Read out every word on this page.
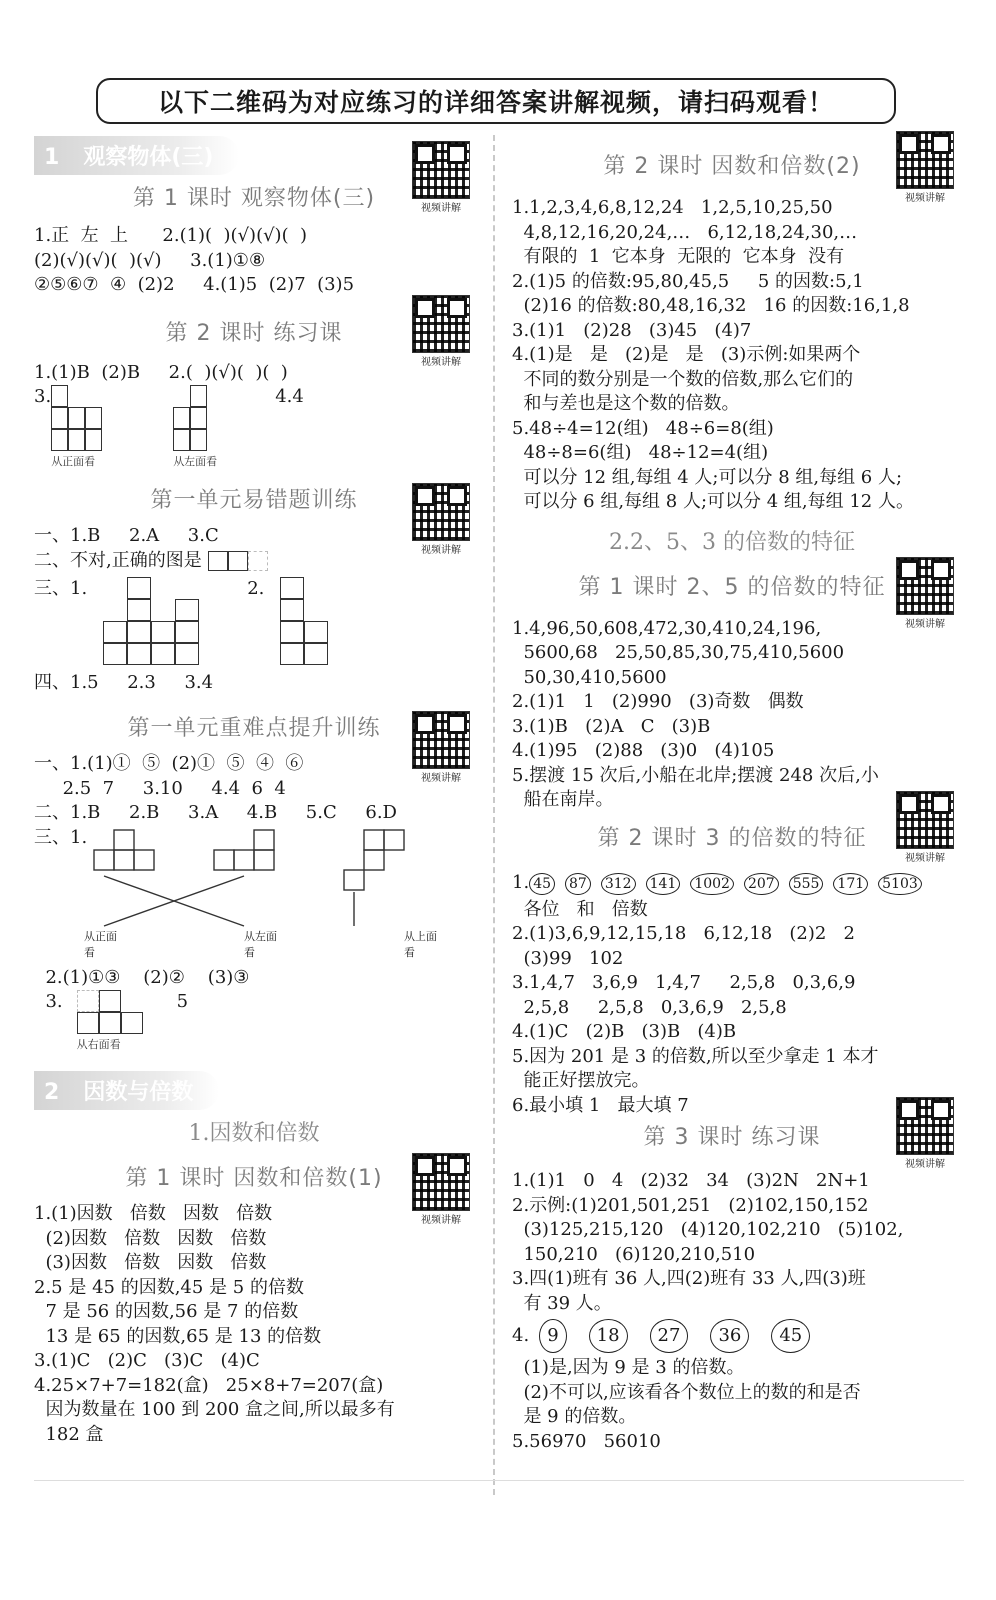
以下二维码为对应练习的详细答案讲解视频，请扫码观看！
1 观察物体(三)
第 1 课时 观察物体(三)	视频讲解
1.正  左  上      2.(1)(  )(√)(√)(  )
(2)(√)(√)(  )(√)     3.(1)①⑧
②⑤⑥⑦  ④  (2)2     4.(1)5  (2)7  (3)5
视频讲解
第 2 课时 练习课
1.(1)B  (2)B     2.(  )(√)(  )(  )
3.
从正面看	从左面看
4.4
视频讲解
第一单元易错题训练
一、1.B     2.A     3.C
二、不对,正确的图是
三、1.	2.
四、1.5     2.3     3.4
视频讲解
第一单元重难点提升训练
一、1.(1)①  ⑤  (2)①  ⑤  ④  ⑥
2.5  7     3.10     4.4  6  4
二、1.B     2.B     3.A     4.B     5.C     6.D
三、1.
从正面看
从左面看
从上面看
2.(1)①③    (2)②    (3)③
3.
从右面看
5
2 因数与倍数
1.因数和倍数
视频讲解
第 1 课时 因数和倍数(1)
1.(1)因数   倍数   因数   倍数
(2)因数   倍数   因数   倍数
(3)因数   倍数   因数   倍数
2.5 是 45 的因数,45 是 5 的倍数
7 是 56 的因数,56 是 7 的倍数
13 是 65 的因数,65 是 13 的倍数
3.(1)C   (2)C   (3)C   (4)C
4.25×7+7=182(盒)   25×8+7=207(盒)
因为数量在 100 到 200 盒之间,所以最多有
182 盒
视频讲解
第 2 课时 因数和倍数(2)
1.1,2,3,4,6,8,12,24   1,2,5,10,25,50
4,8,12,16,20,24,…   6,12,18,24,30,…
有限的  1  它本身  无限的  它本身  没有
2.(1)5 的倍数:95,80,45,5     5 的因数:5,1
(2)16 的倍数:80,48,16,32   16 的因数:16,1,8
3.(1)1   (2)28   (3)45   (4)7
4.(1)是   是   (2)是   是   (3)示例:如果两个
不同的数分别是一个数的倍数,那么它们的
和与差也是这个数的倍数。
5.48÷4=12(组)   48÷6=8(组)
48÷8=6(组)   48÷12=4(组)
可以分 12 组,每组 4 人;可以分 8 组,每组 6 人;
可以分 6 组,每组 8 人;可以分 4 组,每组 12 人。
2.2、5、3 的倍数的特征
视频讲解
第 1 课时 2、5 的倍数的特征
1.4,96,50,608,472,30,410,24,196,
5600,68   25,50,85,30,75,410,5600
50,30,410,5600
2.(1)1   1   (2)990   (3)奇数   偶数
3.(1)B   (2)A   C   (3)B
4.(1)95   (2)88   (3)0   (4)105
5.摆渡 15 次后,小船在北岸;摆渡 248 次后,小
船在南岸。
视频讲解
第 2 课时 3 的倍数的特征
1. 45 87 312 141 1002 207 555 171 5103
各位   和   倍数
2.(1)3,6,9,12,15,18   6,12,18   (2)2   2
(3)99   102
3.1,4,7   3,6,9   1,4,7     2,5,8   0,3,6,9
2,5,8     2,5,8   0,3,6,9   2,5,8
4.(1)C   (2)B   (3)B   (4)B
5.因为 201 是 3 的倍数,所以至少拿走 1 本才
能正好摆放完。
6.最小填 1   最大填 7
视频讲解
第 3 课时 练习课
1.(1)1   0   4   (2)32   34   (3)2N   2N+1
2.示例:(1)201,501,251   (2)102,150,152
(3)125,215,120   (4)120,102,210   (5)102,
150,210   (6)120,210,510
3.四(1)班有 36 人,四(2)班有 33 人,四(3)班
有 39 人。
4.	9	18	27	36	45
(1)是,因为 9 是 3 的倍数。
(2)不可以,应该看各个数位上的数的和是否
是 9 的倍数。
5.56970   56010
